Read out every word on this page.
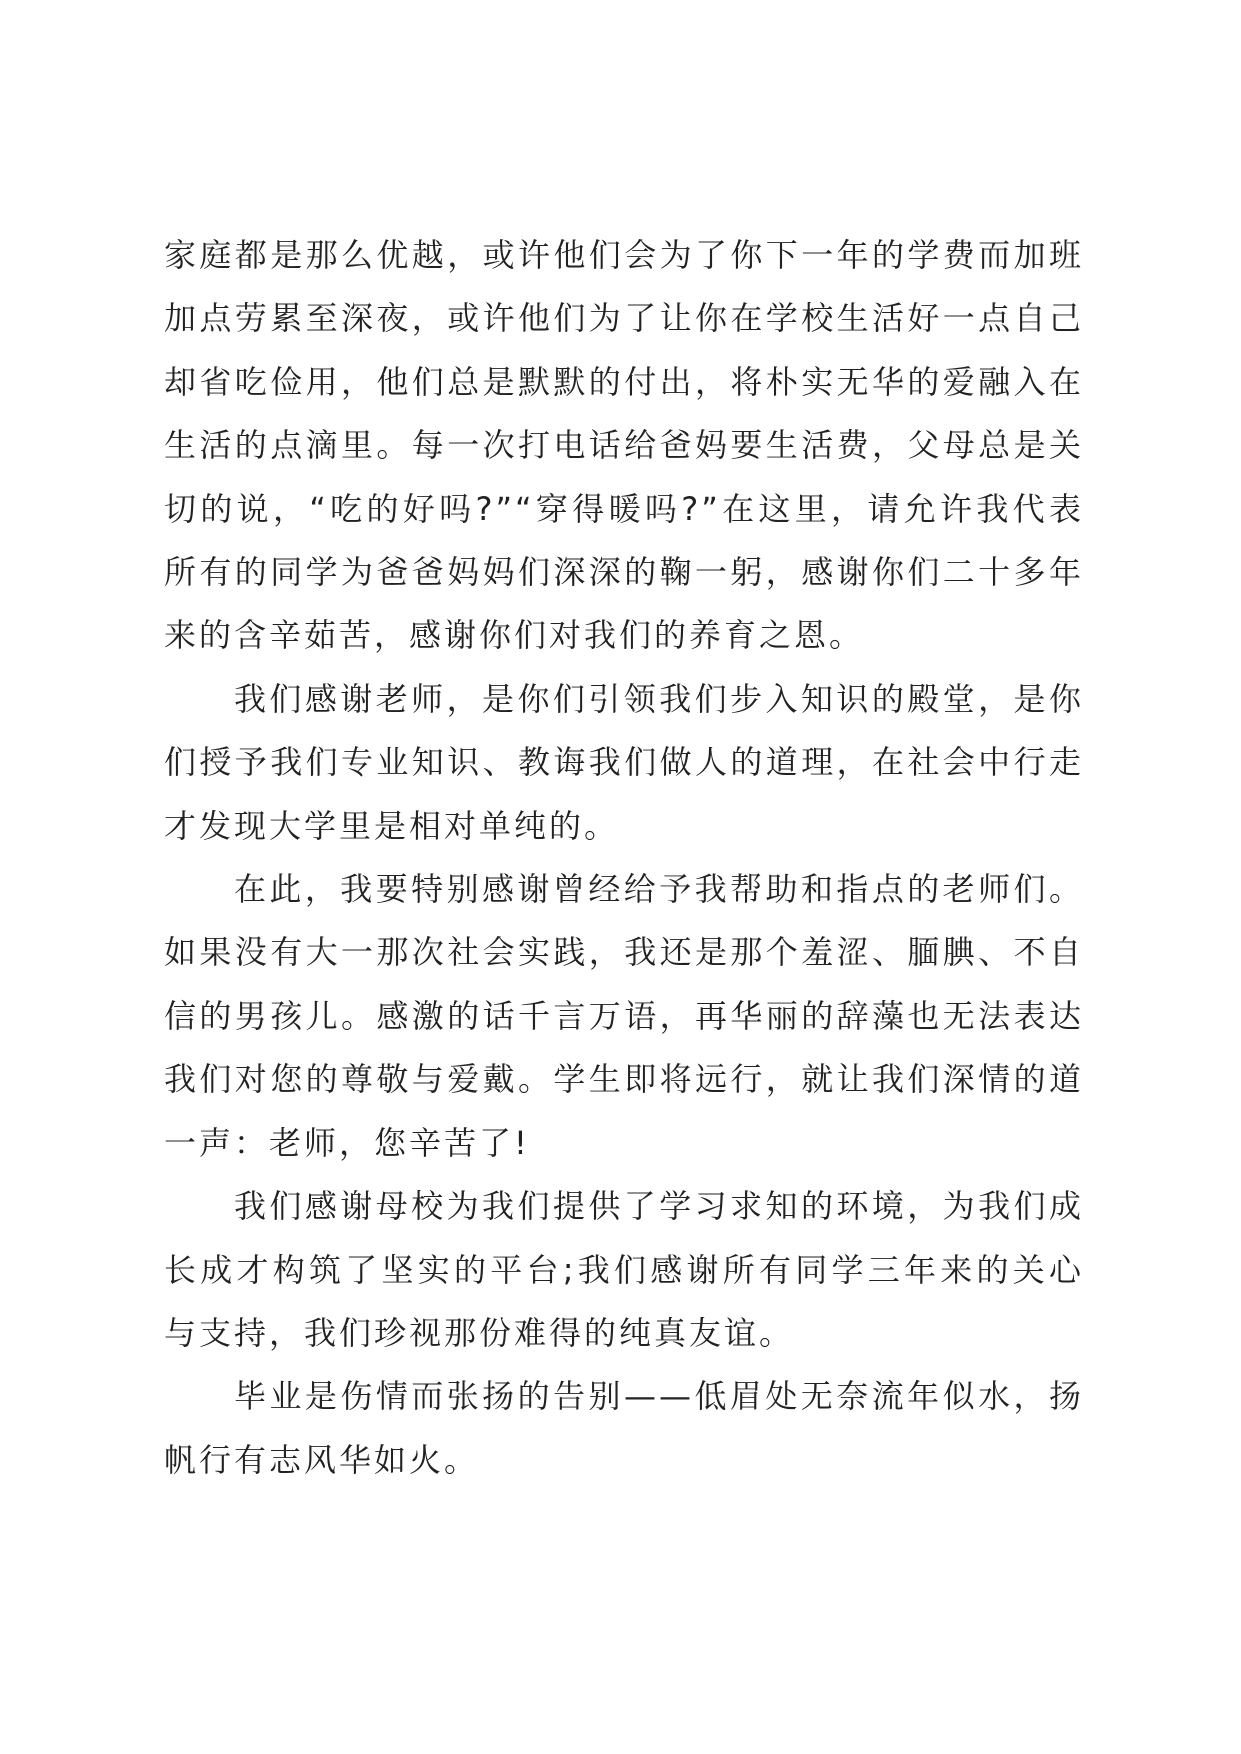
家庭都是那么优越，或许他们会为了你下一年的学费而加班加点劳累至深夜，或许他们为了让你在学校生活好一点自己却省吃俭用，他们总是默默的付出，将朴实无华的爱融入在生活的点滴里。每一次打电话给爸妈要生活费，父母总是关切的说，“吃的好吗?”“穿得暖吗?”在这里，请允许我代表所有的同学为爸爸妈妈们深深的鞠一躬，感谢你们二十多年来的含辛茹苦，感谢你们对我们的养育之恩。

我们感谢老师，是你们引领我们步入知识的殿堂，是你们授予我们专业知识、教诲我们做人的道理，在社会中行走才发现大学里是相对单纯的。

在此，我要特别感谢曾经给予我帮助和指点的老师们。如果没有大一那次社会实践，我还是那个羞涩、腼腆、不自信的男孩儿。感激的话千言万语，再华丽的辞藻也无法表达我们对您的尊敬与爱戴。学生即将远行，就让我们深情的道一声：老师，您辛苦了!

我们感谢母校为我们提供了学习求知的环境，为我们成长成才构筑了坚实的平台;我们感谢所有同学三年来的关心与支持，我们珍视那份难得的纯真友谊。

毕业是伤情而张扬的告别——低眉处无奈流年似水，扬帆行有志风华如火。
